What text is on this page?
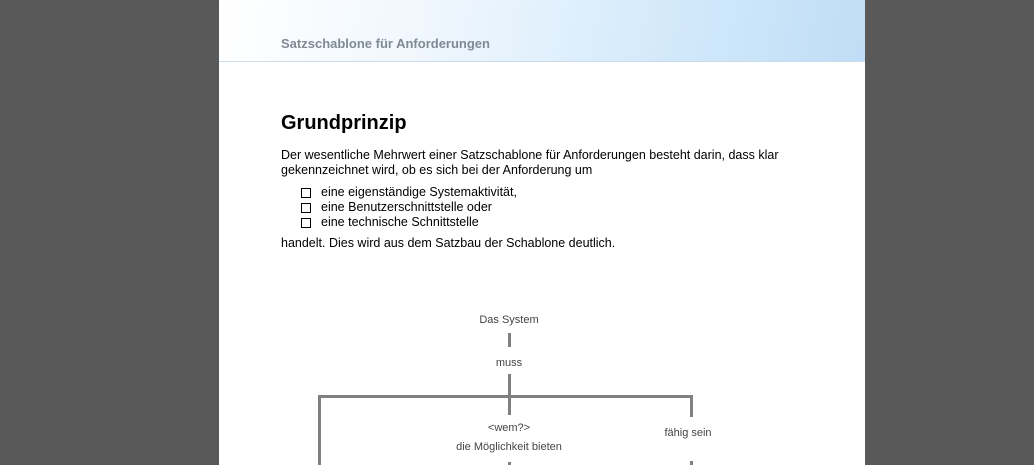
Satzschablone für Anforderungen
Grundprinzip
Der wesentliche Mehrwert einer Satzschablone für Anforderungen besteht darin, dass klar gekennzeichnet wird, ob es sich bei der Anforderung um
eine eigenständige Systemaktivität,
eine Benutzerschnittstelle oder
eine technische Schnittstelle
handelt. Dies wird aus dem Satzbau der Schablone deutlich.
Das System
muss
<wem?>
die Möglichkeit bieten
fähig sein
